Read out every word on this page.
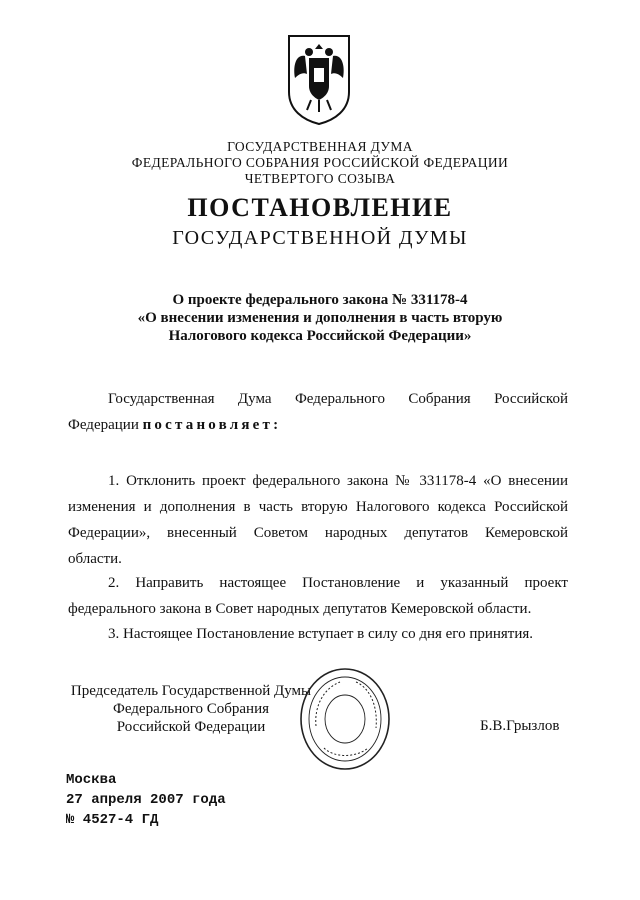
ГОСУДАРСТВЕННАЯ ДУМА
ФЕДЕРАЛЬНОГО СОБРАНИЯ РОССИЙСКОЙ ФЕДЕРАЦИИ
ЧЕТВЕРТОГО СОЗЫВА
ПОСТАНОВЛЕНИЕ
ГОСУДАРСТВЕННОЙ ДУМЫ
О проекте федерального закона № 331178-4
«О внесении изменения и дополнения в часть вторую
Налогового кодекса Российской Федерации»
Государственная Дума Федерального Собрания Российской
Федерации постановляет:
1. Отклонить проект федерального закона № 331178-4 «О внесении
изменения и дополнения в часть вторую Налогового кодекса Российской
Федерации», внесенный Советом народных депутатов Кемеровской
области.
2. Направить настоящее Постановление и указанный проект
федерального закона в Совет народных депутатов Кемеровской области.
3. Настоящее Постановление вступает в силу со дня его принятия.
Председатель Государственной Думы
Федерального Собрания
Российской Федерации	Б.В.Грызлов
Москва
27 апреля 2007 года
№ 4527-4 ГД
